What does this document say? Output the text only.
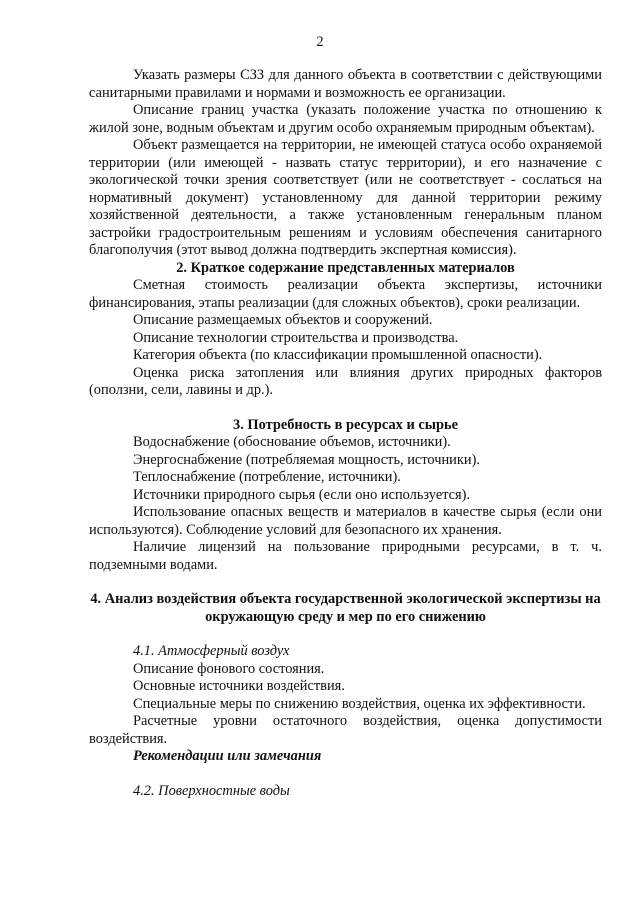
2

Указать размеры СЗЗ для данного объекта в соответствии с действующими санитарными правилами и нормами и возможность ее организации.

Описание границ участка (указать положение участка по отношению к жилой зоне, водным объектам и другим особо охраняемым природным объектам).

Объект размещается на территории, не имеющей статуса особо охраняемой территории (или имеющей - назвать статус территории), и его назначение с экологической точки зрения соответствует (или не соответствует - сослаться на нормативный документ) установленному для данной территории режиму хозяйственной деятельности, а также установленным генеральным планом застройки градостроительным решениям и условиям обеспечения санитарного благополучия (этот вывод должна подтвердить экспертная комиссия).

2. Краткое содержание представленных материалов

Сметная стоимость реализации объекта экспертизы, источники финансирования, этапы реализации (для сложных объектов), сроки реализации.

Описание размещаемых объектов и сооружений.

Описание технологии строительства и производства.

Категория объекта (по классификации промышленной опасности).

Оценка риска затопления или влияния других природных факторов (оползни, сели, лавины и др.).

3. Потребность в ресурсах и сырье

Водоснабжение (обоснование объемов, источники).

Энергоснабжение (потребляемая мощность, источники).

Теплоснабжение (потребление, источники).

Источники природного сырья (если оно используется).

Использование опасных веществ и материалов в качестве сырья (если они используются). Соблюдение условий для безопасного их хранения.

Наличие лицензий на пользование природными ресурсами, в т. ч. подземными водами.

4. Анализ воздействия объекта государственной экологической экспертизы на окружающую среду и мер по его снижению

4.1. Атмосферный воздух

Описание фонового состояния.

Основные источники воздействия.

Специальные меры по снижению воздействия, оценка их эффективности.

Расчетные уровни остаточного воздействия, оценка допустимости воздействия.

Рекомендации или замечания

4.2. Поверхностные воды
